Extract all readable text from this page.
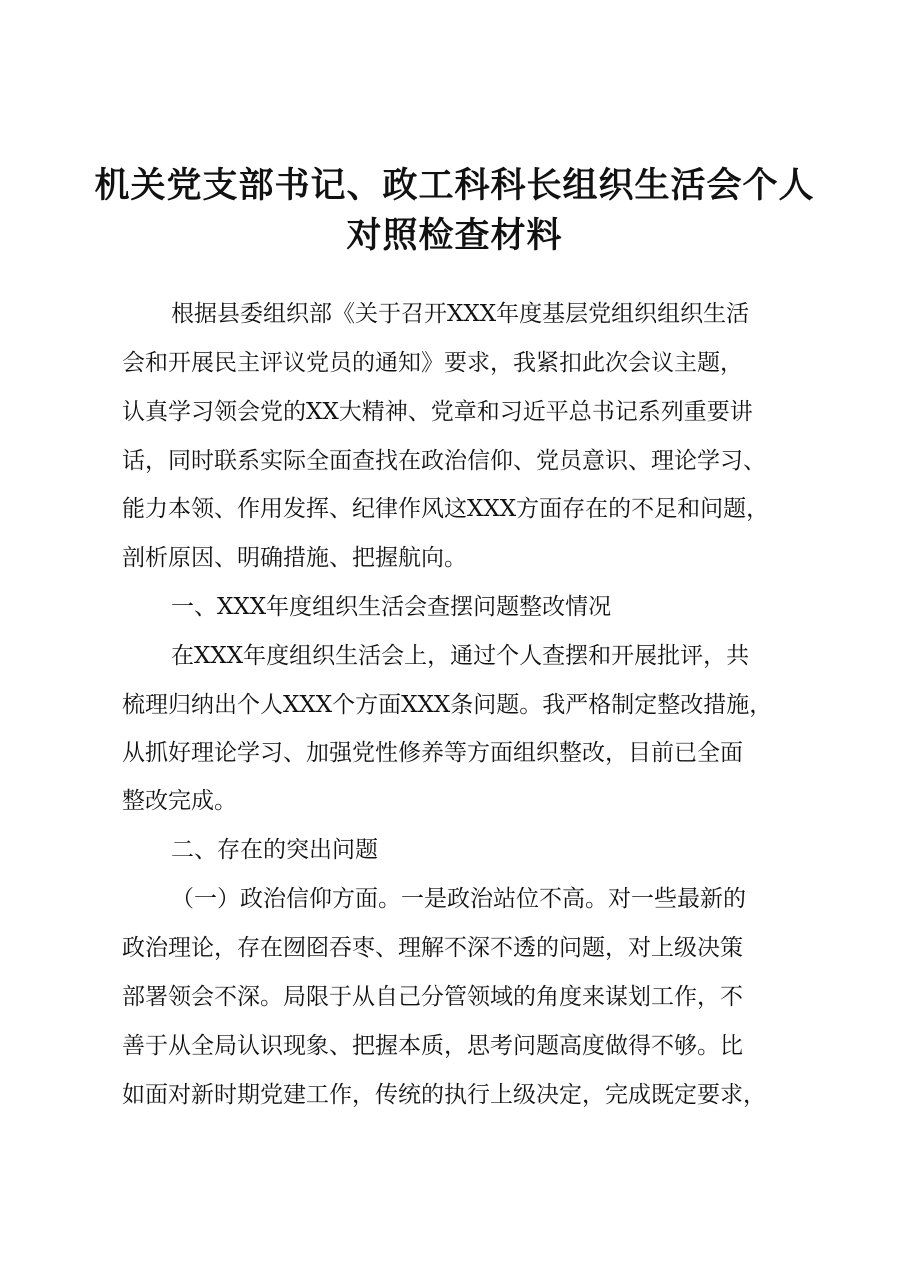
机关党支部书记、政工科科长组织生活会个人
对照检查材料
根据县委组织部《关于召开XXX年度基层党组织组织生活
会和开展民主评议党员的通知》要求，我紧扣此次会议主题，
认真学习领会党的XX大精神、党章和习近平总书记系列重要讲
话，同时联系实际全面查找在政治信仰、党员意识、理论学习、
能力本领、作用发挥、纪律作风这XXX方面存在的不足和问题，
剖析原因、明确措施、把握航向。
一、XXX年度组织生活会查摆问题整改情况
在XXX年度组织生活会上，通过个人查摆和开展批评，共
梳理归纳出个人XXX个方面XXX条问题。我严格制定整改措施，
从抓好理论学习、加强党性修养等方面组织整改，目前已全面
整改完成。
二、存在的突出问题
（一）政治信仰方面。一是政治站位不高。对一些最新的
政治理论，存在囫囵吞枣、理解不深不透的问题，对上级决策
部署领会不深。局限于从自己分管领域的角度来谋划工作，不
善于从全局认识现象、把握本质，思考问题高度做得不够。比
如面对新时期党建工作，传统的执行上级决定，完成既定要求，
